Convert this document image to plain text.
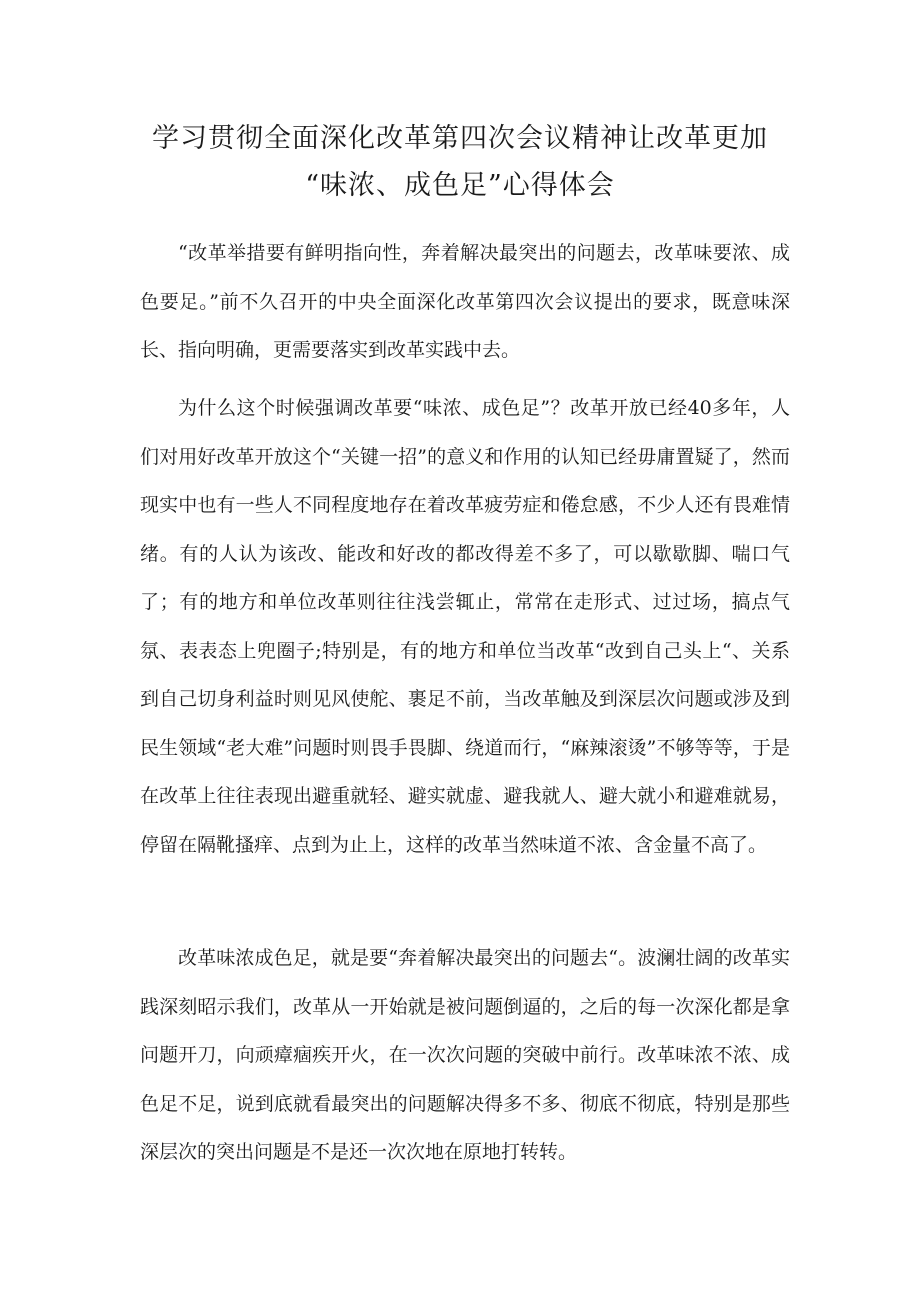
学习贯彻全面深化改革第四次会议精神让改革更加
“味浓、成色足”心得体会

“改革举措要有鲜明指向性，奔着解决最突出的问题去，改革味要浓、成色要足。”前不久召开的中央全面深化改革第四次会议提出的要求，既意味深长、指向明确，更需要落实到改革实践中去。

为什么这个时候强调改革要“味浓、成色足”？改革开放已经40多年，人们对用好改革开放这个“关键一招”的意义和作用的认知已经毋庸置疑了，然而现实中也有一些人不同程度地存在着改革疲劳症和倦怠感，不少人还有畏难情绪。有的人认为该改、能改和好改的都改得差不多了，可以歇歇脚、喘口气了；有的地方和单位改革则往往浅尝辄止，常常在走形式、过过场，搞点气氛、表表态上兜圈子;特别是，有的地方和单位当改革“改到自己头上“、关系到自己切身利益时则见风使舵、裹足不前，当改革触及到深层次问题或涉及到民生领域“老大难”问题时则畏手畏脚、绕道而行，“麻辣滚烫”不够等等，于是在改革上往往表现出避重就轻、避实就虚、避我就人、避大就小和避难就易，停留在隔靴搔痒、点到为止上，这样的改革当然味道不浓、含金量不高了。

改革味浓成色足，就是要“奔着解决最突出的问题去“。波澜壮阔的改革实践深刻昭示我们，改革从一开始就是被问题倒逼的，之后的每一次深化都是拿问题开刀，向顽瘴痼疾开火，在一次次问题的突破中前行。改革味浓不浓、成色足不足，说到底就看最突出的问题解决得多不多、彻底不彻底，特别是那些深层次的突出问题是不是还一次次地在原地打转转。
